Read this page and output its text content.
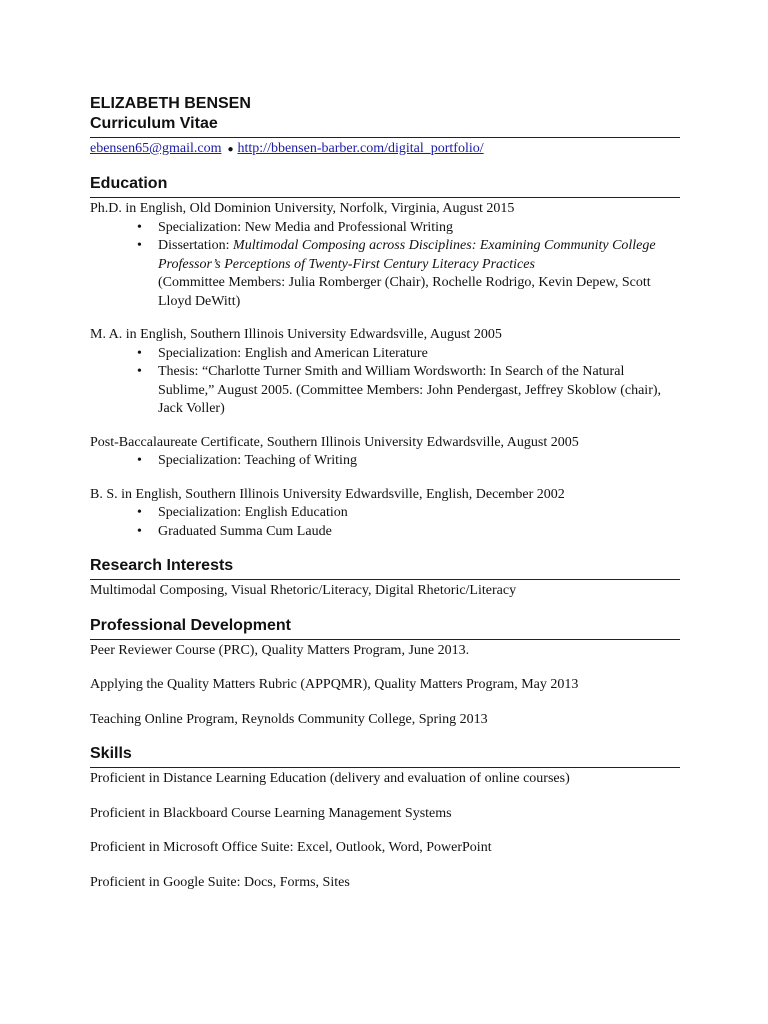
ELIZABETH BENSEN
Curriculum Vitae

ebensen65@gmail.com ● http://bbensen-barber.com/digital_portfolio/

Education

Ph.D. in English, Old Dominion University, Norfolk, Virginia, August 2015

• Specialization: New Media and Professional Writing
• Dissertation: Multimodal Composing across Disciplines: Examining Community College Professor’s Perceptions of Twenty-First Century Literacy Practices
(Committee Members: Julia Romberger (Chair), Rochelle Rodrigo, Kevin Depew, Scott Lloyd DeWitt)

M. A. in English, Southern Illinois University Edwardsville, August 2005

• Specialization: English and American Literature
• Thesis: “Charlotte Turner Smith and William Wordsworth: In Search of the Natural Sublime,” August 2005. (Committee Members: John Pendergast, Jeffrey Skoblow (chair), Jack Voller)

Post-Baccalaureate Certificate, Southern Illinois University Edwardsville, August 2005

• Specialization: Teaching of Writing

B. S. in English, Southern Illinois University Edwardsville, English, December 2002

• Specialization: English Education
• Graduated Summa Cum Laude
Research Interests

Multimodal Composing, Visual Rhetoric/Literacy, Digital Rhetoric/Literacy

Professional Development

Peer Reviewer Course (PRC), Quality Matters Program, June 2013.

Applying the Quality Matters Rubric (APPQMR), Quality Matters Program, May 2013

Teaching Online Program, Reynolds Community College, Spring 2013

Skills

Proficient in Distance Learning Education (delivery and evaluation of online courses)

Proficient in Blackboard Course Learning Management Systems

Proficient in Microsoft Office Suite: Excel, Outlook, Word, PowerPoint

Proficient in Google Suite: Docs, Forms, Sites
